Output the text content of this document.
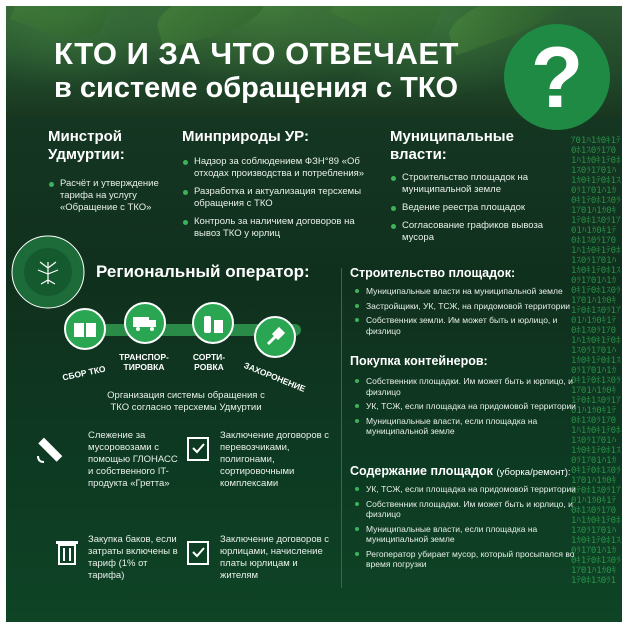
КТО И ЗА ЧТО ОТВЕЧАЕТ
в системе обращения с ТКО ?
ｱ01ﾊ1ｶ0ｷ1ﾃ0ﾎ1ｽ0ﾗ1ｱ01ﾊ1ｶ0ｷ1ﾃ0ﾎ1ｽ0ﾗ1ｱ01ﾊ1ｶ0ｷ1ﾃ0ﾎ1ｽ0ﾗ1ｱ01ﾊ1ｶ0ｷ1ﾃ0ﾎ1ｽ0ﾗ1ｱ01ﾊ1ｶ0ｷ1ﾃ0ﾎ1ｽ0ﾗ1ｱ01ﾊ1ｶ0ｷ1ﾃ0ﾎ1ｽ0ﾗ1ｱ01ﾊ1ｶ0ｷ1ﾃ0ﾎ1ｽ0ﾗ1ｱ01ﾊ1ｶ0ｷ1ﾃ0ﾎ1ｽ0ﾗ1ｱ01ﾊ1ｶ0ｷ1ﾃ0ﾎ1ｽ0ﾗ1ｱ01ﾊ1ｶ0ｷ1ﾃ0ﾎ1ｽ0ﾗ1ｱ01ﾊ1ｶ0ｷ1ﾃ0ﾎ1ｽ0ﾗ1ｱ01ﾊ1ｶ0ｷ1ﾃ0ﾎ1ｽ0ﾗ1ｱ01ﾊ1ｶ0ｷ1ﾃ0ﾎ1ｽ0ﾗ1ｱ01ﾊ1ｶ0ｷ1ﾃ0ﾎ1ｽ0ﾗ1ｱ01ﾊ1ｶ0ｷ1ﾃ0ﾎ1ｽ0ﾗ1ｱ01ﾊ1ｶ0ｷ1ﾃ0ﾎ1ｽ0ﾗ1ｱ01ﾊ1ｶ0ｷ1ﾃ0ﾎ1ｽ0ﾗ1ｱ01ﾊ1ｶ0ｷ1ﾃ0ﾎ1ｽ0ﾗ1ｱ01ﾊ1ｶ0ｷ1ﾃ0ﾎ1ｽ0ﾗ1ｱ01ﾊ1ｶ0ｷ1ﾃ0ﾎ1ｽ0ﾗ1ｱ01ﾊ1ｶ0ｷ1ﾃ0ﾎ1ｽ0ﾗ1ｱ01ﾊ1ｶ0ｷ1ﾃ0ﾎ1ｽ0ﾗ1ｱ01ﾊ1ｶ0ｷ1ﾃ0ﾎ1ｽ0ﾗ1ｱ01ﾊ1ｶ0ｷ1ﾃ0ﾎ1ｽ0ﾗ1ｱ01ﾊ1ｶ0ｷ1ﾃ0ﾎ1ｽ0ﾗ1
Минстрой Удмуртии:
Расчёт и утверждение тарифа на услугу «Обращение с ТКО»
Минприроды УР:
Надзор за соблюдением ФЗН°89 «Об отходах производства и потребления»
Разработка и актуализация терсхемы обращения с ТКО
Контроль за наличием договоров на вывоз ТКО у юрлиц
Муниципальные власти:
Строительство площадок на муниципальной земле
Ведение реестра площадок
Согласование графиков вывоза мусора
Региональный оператор:
СБОР ТКО
ТРАНСПОР-ТИРОВКА
СОРТИ-РОВКА	ЗАХОРОНЕНИЕ
Организация системы обращения с ТКО согласно терсхемы Удмуртии
Слежение за мусоровозами с помощью ГЛОНАСС и собственного IT-продукта «Гретта»
Заключение договоров с перевозчиками, полигонами, сортировочными комплексами
Закупка баков, если затраты включены в тариф (1% от тарифа)
Заключение договоров с юрлицами, начисление платы юрлицам и жителям
Строительство площадок:
Муниципальные власти на муниципальной земле
Застройщики, УК, ТСЖ, на придомовой территории
Собственник земли. Им может быть и юрлицо, и физлицо
Покупка контейнеров:
Собственник площадки. Им может быть и юрлицо, и физлицо
УК, ТСЖ, если площадка на придомовой территории
Муниципальные власти, если площадка на муниципальной земле
Содержание площадок (уборка/ремонт):
УК, ТСЖ, если площадка на придомовой территории
Собственник площадки. Им может быть и юрлицо, и физлицо
Муниципальные власти, если площадка на муниципальной земле
Регоператор убирает мусор, который просыпался во время погрузки
